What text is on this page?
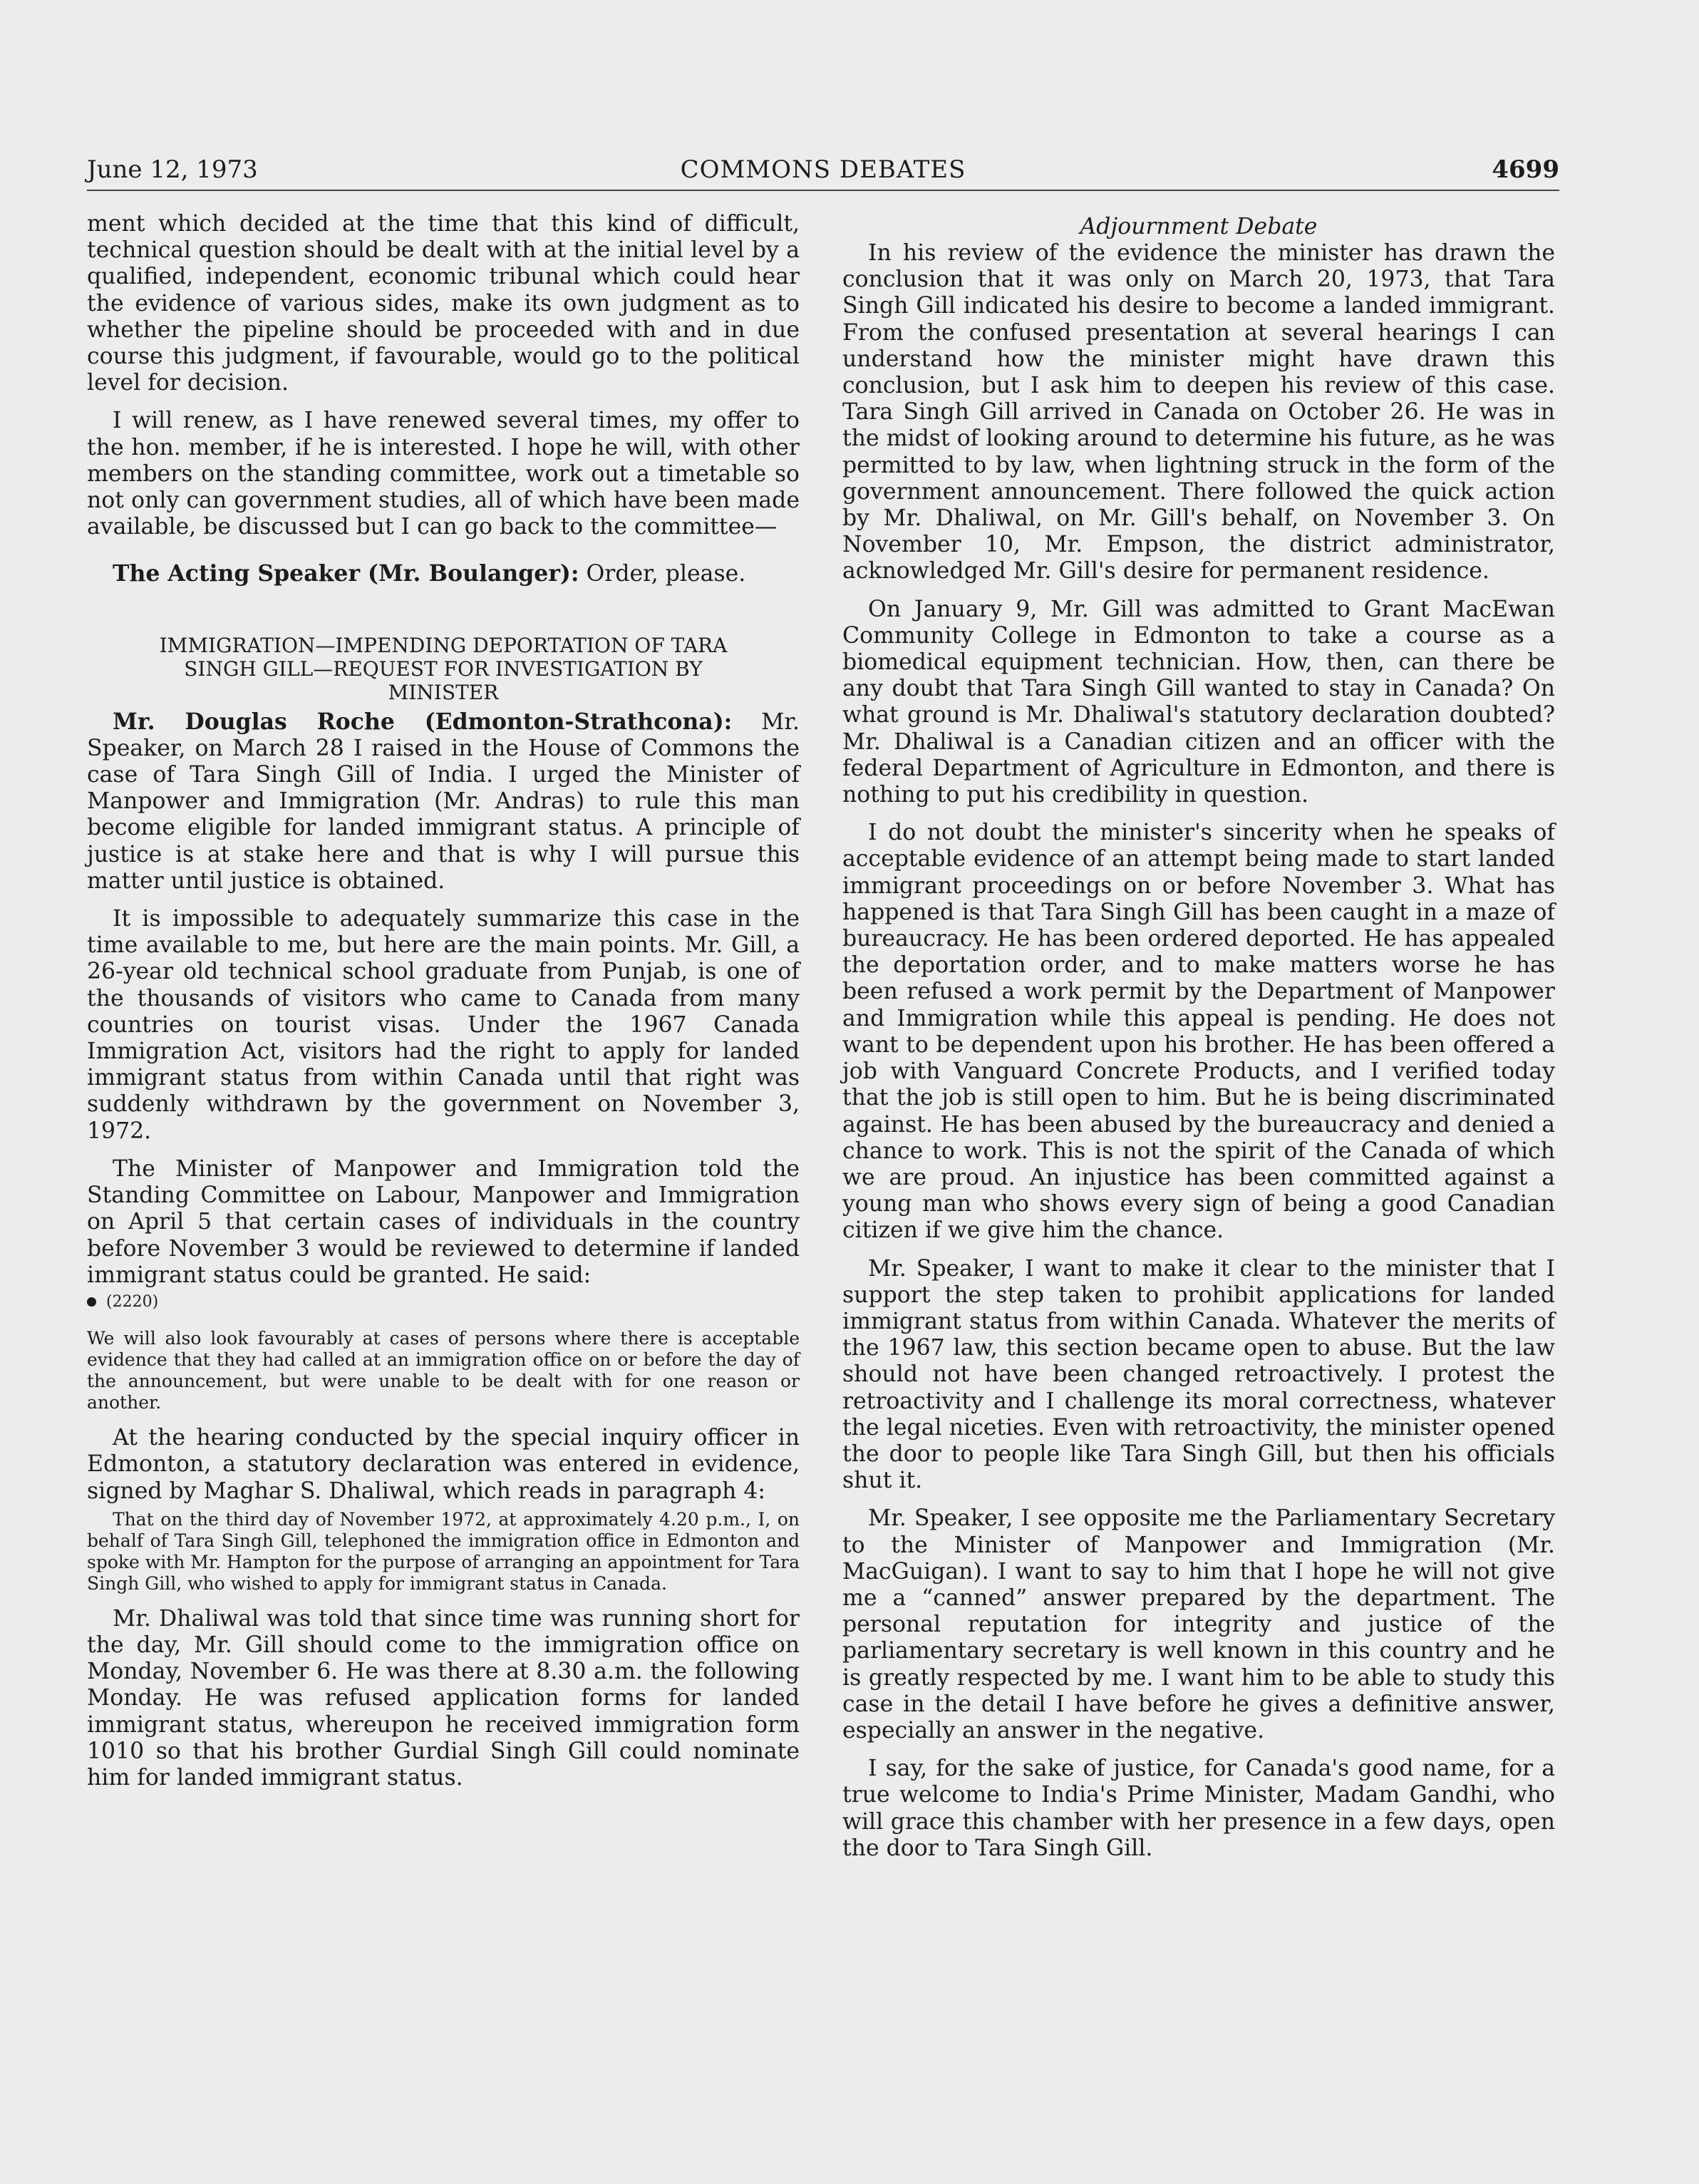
June 12, 1973	COMMONS DEBATES	4699

ment which decided at the time that this kind of difficult, technical question should be dealt with at the initial level by a qualified, independent, economic tribunal which could hear the evidence of various sides, make its own judgment as to whether the pipeline should be proceeded with and in due course this judgment, if favourable, would go to the political level for decision.

I will renew, as I have renewed several times, my offer to the hon. member, if he is interested. I hope he will, with other members on the standing committee, work out a timetable so not only can government studies, all of which have been made available, be discussed but I can go back to the committee—

The Acting Speaker (Mr. Boulanger): Order, please.

IMMIGRATION—IMPENDING DEPORTATION OF TARA

SINGH GILL—REQUEST FOR INVESTIGATION BY

MINISTER

Mr. Douglas Roche (Edmonton-Strathcona): Mr. Speaker, on March 28 I raised in the House of Commons the case of Tara Singh Gill of India. I urged the Minister of Manpower and Immigration (Mr. Andras) to rule this man become eligible for landed immigrant status. A principle of justice is at stake here and that is why I will pursue this matter until justice is obtained.

It is impossible to adequately summarize this case in the time available to me, but here are the main points. Mr. Gill, a 26-year old technical school graduate from Punjab, is one of the thousands of visitors who came to Canada from many countries on tourist visas. Under the 1967 Canada Immigration Act, visitors had the right to apply for landed immigrant status from within Canada until that right was suddenly withdrawn by the government on November 3, 1972.

The Minister of Manpower and Immigration told the Standing Committee on Labour, Manpower and Immigration on April 5 that certain cases of individuals in the country before November 3 would be reviewed to determine if landed immigrant status could be granted. He said:

(2220)

We will also look favourably at cases of persons where there is acceptable evidence that they had called at an immigration office on or before the day of the announcement, but were unable to be dealt with for one reason or another.

At the hearing conducted by the special inquiry officer in Edmonton, a statutory declaration was entered in evidence, signed by Maghar S. Dhaliwal, which reads in paragraph 4:

That on the third day of November 1972, at approximately 4.20 p.m., I, on behalf of Tara Singh Gill, telephoned the immigration office in Edmonton and spoke with Mr. Hampton for the purpose of arranging an appointment for Tara Singh Gill, who wished to apply for immigrant status in Canada.

Mr. Dhaliwal was told that since time was running short for the day, Mr. Gill should come to the immigration office on Monday, November 6. He was there at 8.30 a.m. the following Monday. He was refused application forms for landed immigrant status, whereupon he received immigration form 1010 so that his brother Gurdial Singh Gill could nominate him for landed immigrant status.

Adjournment Debate

In his review of the evidence the minister has drawn the conclusion that it was only on March 20, 1973, that Tara Singh Gill indicated his desire to become a landed immigrant. From the confused presentation at several hearings I can understand how the minister might have drawn this conclusion, but I ask him to deepen his review of this case. Tara Singh Gill arrived in Canada on October 26. He was in the midst of looking around to determine his future, as he was permitted to by law, when lightning struck in the form of the government announcement. There followed the quick action by Mr. Dhaliwal, on Mr. Gill's behalf, on November 3. On November 10, Mr. Empson, the district administrator, acknowledged Mr. Gill's desire for permanent residence.

On January 9, Mr. Gill was admitted to Grant MacEwan Community College in Edmonton to take a course as a biomedical equipment technician. How, then, can there be any doubt that Tara Singh Gill wanted to stay in Canada? On what ground is Mr. Dhaliwal's statutory declaration doubted? Mr. Dhaliwal is a Canadian citizen and an officer with the federal Department of Agriculture in Edmonton, and there is nothing to put his credibility in question.

I do not doubt the minister's sincerity when he speaks of acceptable evidence of an attempt being made to start landed immigrant proceedings on or before November 3. What has happened is that Tara Singh Gill has been caught in a maze of bureaucracy. He has been ordered deported. He has appealed the deportation order, and to make matters worse he has been refused a work permit by the Department of Manpower and Immigration while this appeal is pending. He does not want to be dependent upon his brother. He has been offered a job with Vanguard Concrete Products, and I verified today that the job is still open to him. But he is being discriminated against. He has been abused by the bureaucracy and denied a chance to work. This is not the spirit of the Canada of which we are proud. An injustice has been committed against a young man who shows every sign of being a good Canadian citizen if we give him the chance.

Mr. Speaker, I want to make it clear to the minister that I support the step taken to prohibit applications for landed immigrant status from within Canada. Whatever the merits of the 1967 law, this section became open to abuse. But the law should not have been changed retroactively. I protest the retroactivity and I challenge its moral correctness, whatever the legal niceties. Even with retroactivity, the minister opened the door to people like Tara Singh Gill, but then his officials shut it.

Mr. Speaker, I see opposite me the Parliamentary Secretary to the Minister of Manpower and Immigration (Mr. MacGuigan). I want to say to him that I hope he will not give me a “canned” answer prepared by the department. The personal reputation for integrity and justice of the parliamentary secretary is well known in this country and he is greatly respected by me. I want him to be able to study this case in the detail I have before he gives a definitive answer, especially an answer in the negative.

I say, for the sake of justice, for Canada's good name, for a true welcome to India's Prime Minister, Madam Gandhi, who will grace this chamber with her presence in a few days, open the door to Tara Singh Gill.
